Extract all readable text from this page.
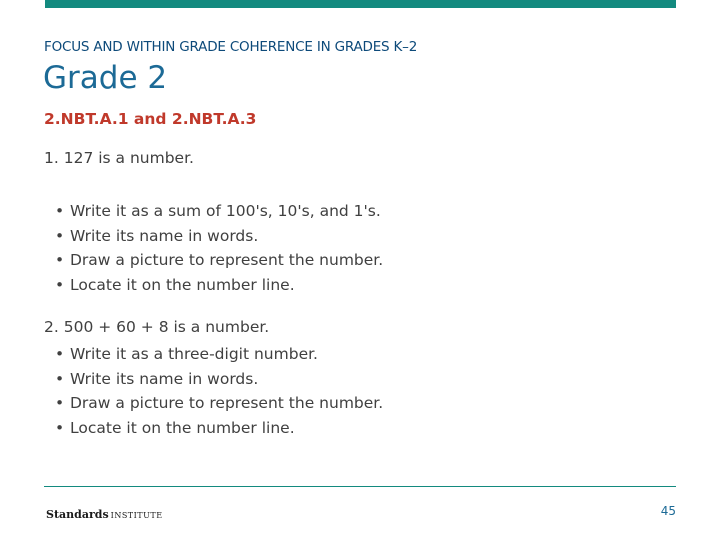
FOCUS AND WITHIN GRADE COHERENCE IN GRADES K–2
Grade 2
2.NBT.A.1 and 2.NBT.A.3
1. 127 is a number.
• Write it as a sum of 100's, 10's, and 1's.
• Write its name in words.
• Draw a picture to represent the number.
• Locate it on the number line.
2. 500 + 60 + 8 is a number.
• Write it as a three-digit number.
• Write its name in words.
• Draw a picture to represent the number.
• Locate it on the number line.
Standards INSTITUTE	45
